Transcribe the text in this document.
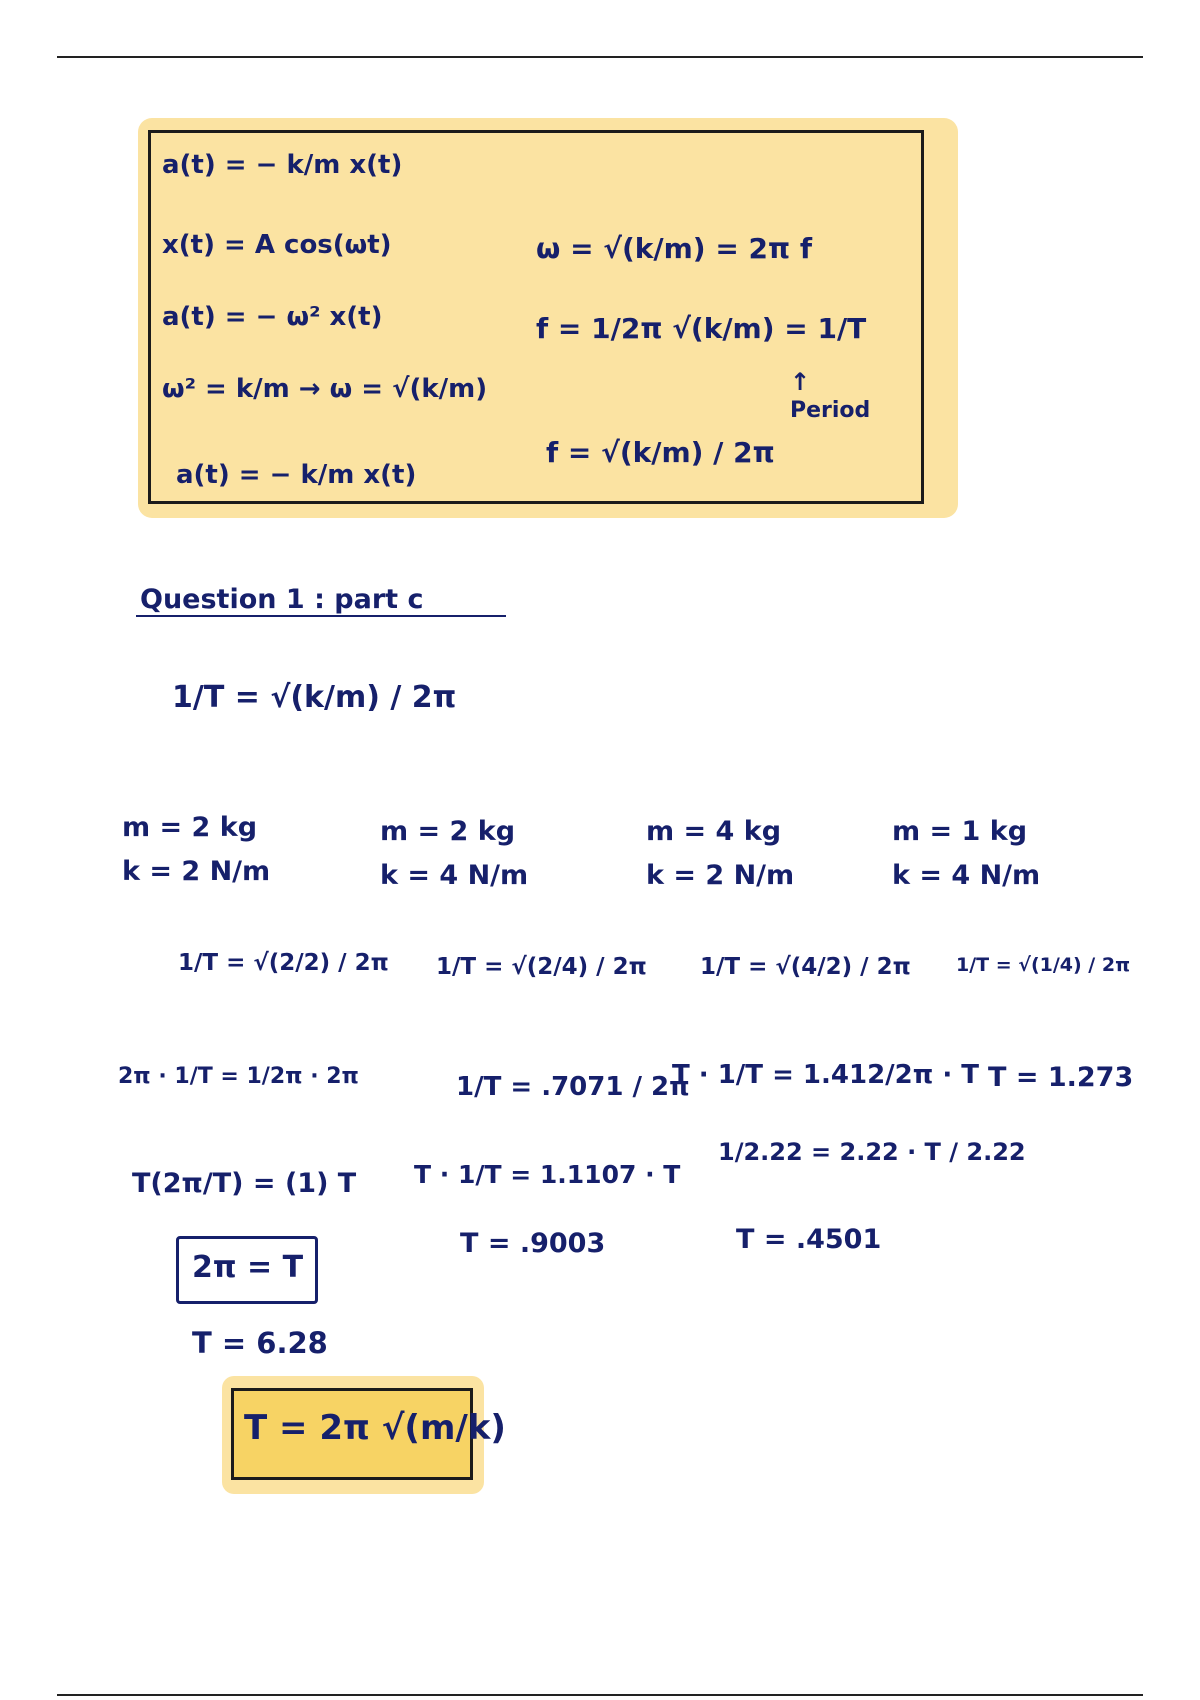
a(t) = − k/m x(t)
x(t) = A cos(ωt)
a(t) = − ω² x(t)
ω² = k/m → ω = √(k/m)
a(t) = − k/m x(t)
ω = √(k/m) = 2π f
f = 1/2π √(k/m) = 1/T
↑
Period
f = √(k/m) / 2π
Question 1 : part c
1/T = √(k/m) / 2π
m = 2 kg
k = 2 N/m
m = 2 kg
k = 4 N/m
m = 4 kg
k = 2 N/m
m = 1 kg
k = 4 N/m
1/T = √(2/2) / 2π 1/T = √(2/4) / 2π 1/T = √(4/2) / 2π 1/T = √(1/4) / 2π
2π · 1/T = 1/2π · 2π
T(2π/T) = (1) T
2π = T
T = 6.28
1/T = .7071 / 2π
T · 1/T = 1.1107 · T
T = .9003
T · 1/T = 1.412/2π · T
1/2.22 = 2.22 · T / 2.22
T = .4501
T = 1.273
T = 2π √(m/k)
